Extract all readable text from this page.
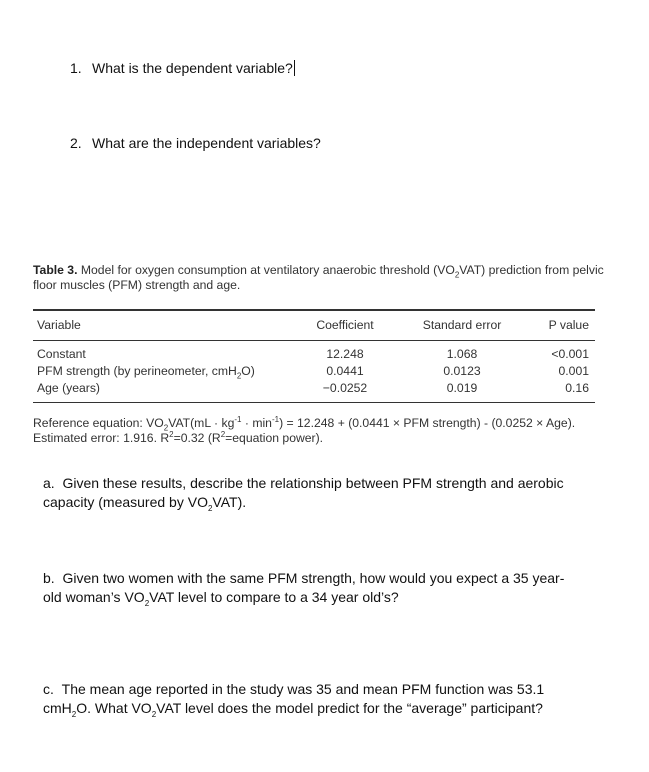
1. What is the dependent variable?
2. What are the independent variables?
Table 3. Model for oxygen consumption at ventilatory anaerobic threshold $(VO_2VAT)$ prediction from pelvic floor muscles (PFM) strength and age.
Variable	Coefficient	Standard error	P value
Constant	12.248	1.068	<0.001
PFM strength (by perineometer, cmH$_2$O)	0.0441	0.0123	0.001
Age (years)	−0.0252	0.019	0.16
Reference equation: $VO_2VAT(mL \cdot kg^{-1} \cdot \min^{-1}) = 12.248 + (0.0441$ × PFM strength) - (0.0252 × Age). Estimated error: 1.916. $R^2=0.32$ ($R^2=equation$ power).
a.  Given these results, describe the relationship between PFM strength and aerobic capacity (measured by $VO_2VAT$).
b.  Given two women with the same PFM strength, how would you expect a 35 year-old woman’s $VO_2VAT$ level to compare to a 34 year old’s?
c.  The mean age reported in the study was 35 and mean PFM function was 53.1 cmH$_2$O. What $VO_2VAT$ level does the model predict for the “average” participant?
